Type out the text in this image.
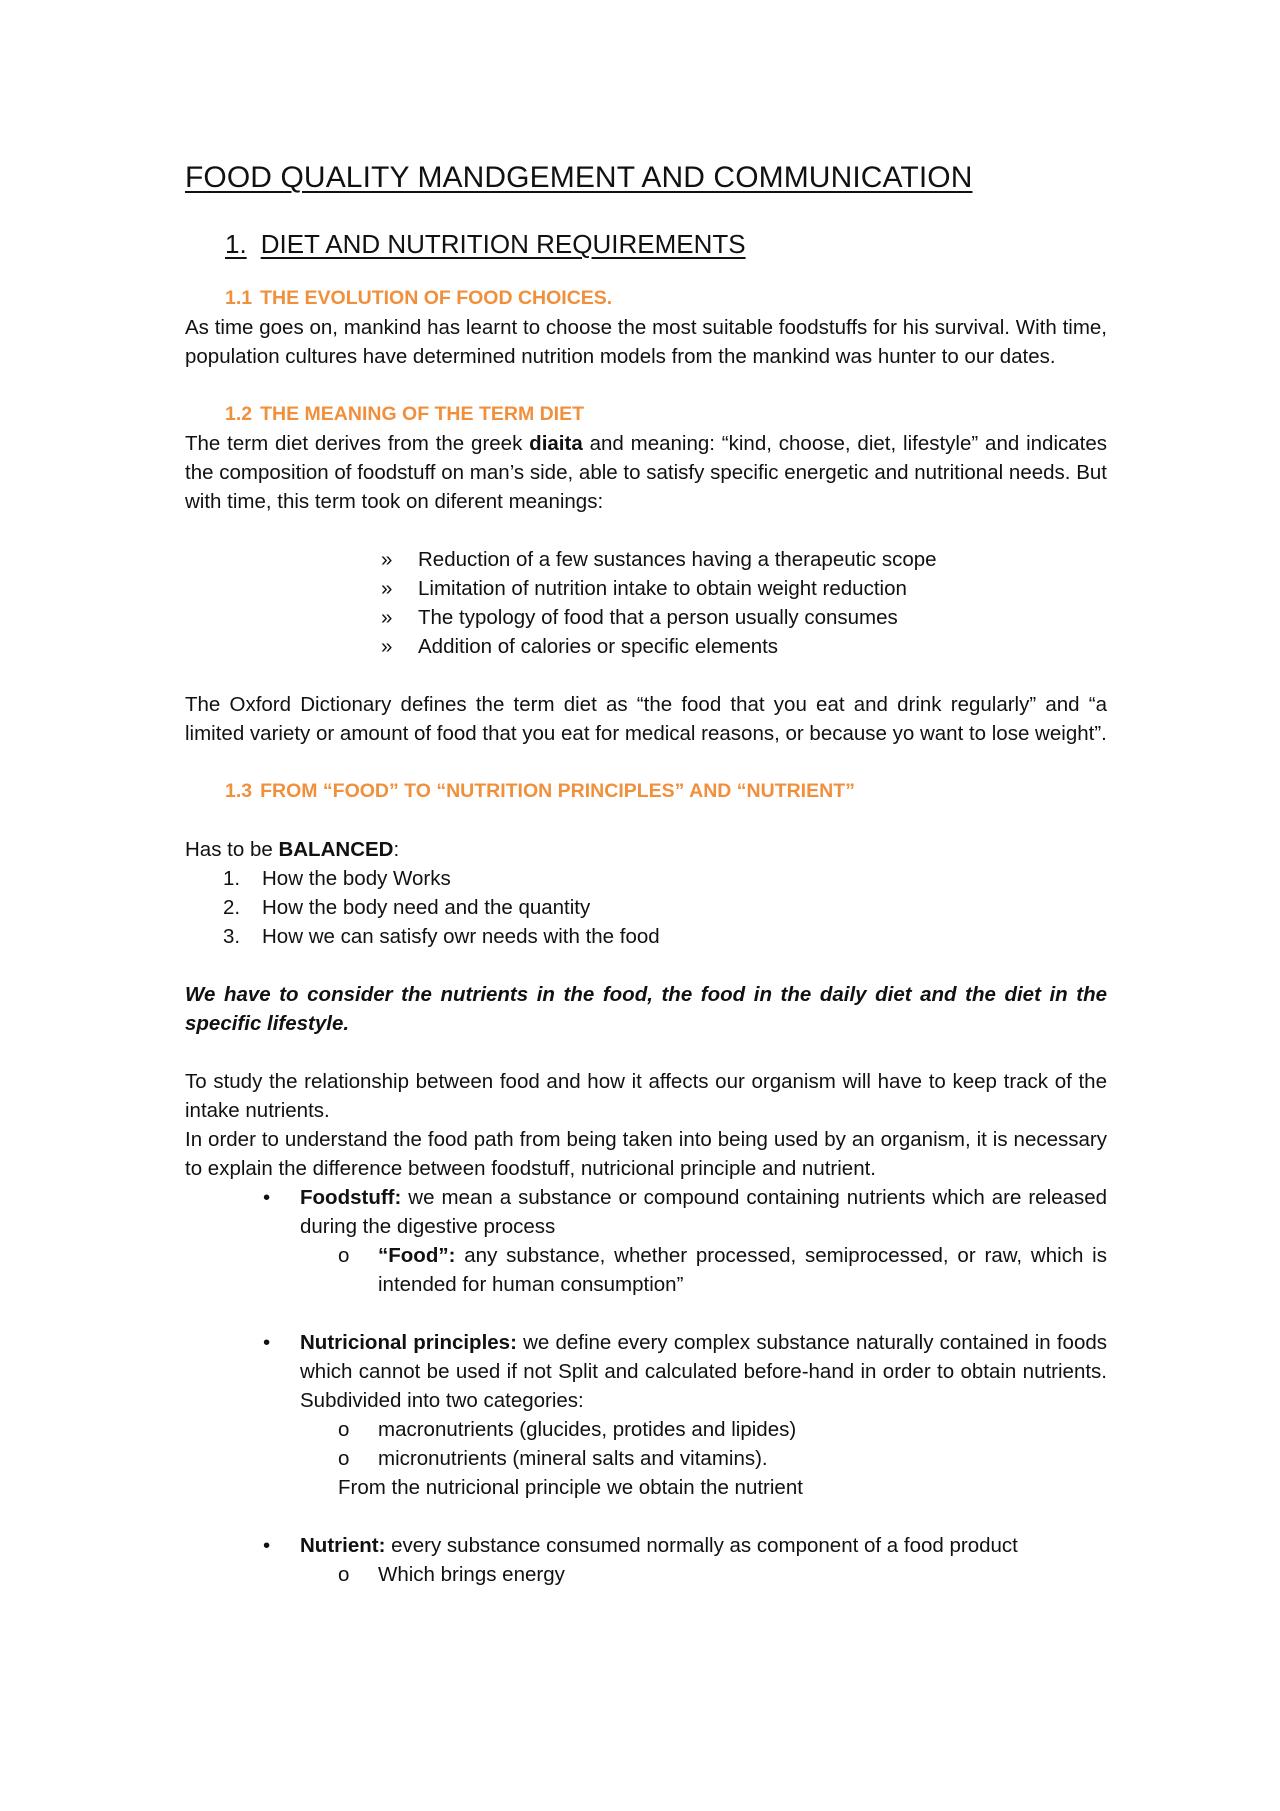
FOOD QUALITY MANDGEMENT AND COMMUNICATION
1. DIET AND NUTRITION REQUIREMENTS
1.1 THE EVOLUTION OF FOOD CHOICES.

As time goes on, mankind has learnt to choose the most suitable foodstuffs for his survival. With time, population cultures have determined nutrition models from the mankind was hunter to our dates.

1.2 THE MEANING OF THE TERM DIET

The term diet derives from the greek diaita and meaning: “kind, choose, diet, lifestyle” and indicates the composition of foodstuff on man’s side, able to satisfy specific energetic and nutritional needs. But with time, this term took on diferent meanings:

» Reduction of a few sustances having a therapeutic scope
» Limitation of nutrition intake to obtain weight reduction
» The typology of food that a person usually consumes
» Addition of calories or specific elements

The Oxford Dictionary defines the term diet as “the food that you eat and drink regularly” and “a limited variety or amount of food that you eat for medical reasons, or because yo want to lose weight”.

1.3 FROM “FOOD” TO “NUTRITION PRINCIPLES” AND “NUTRIENT”

Has to be BALANCED:

1. How the body Works
2. How the body need and the quantity
3. How we can satisfy owr needs with the food

We have to consider the nutrients in the food, the food in the daily diet and the diet in the specific lifestyle.

To study the relationship between food and how it affects our organism will have to keep track of the intake nutrients.

In order to understand the food path from being taken into being used by an organism, it is necessary to explain the difference between foodstuff, nutricional principle and nutrient.

• Foodstuff: we mean a substance or compound containing nutrients which are released during the digestive process
o “Food”: any substance, whether processed, semiprocessed, or raw, which is intended for human consumption”
• Nutricional principles: we define every complex substance naturally contained in foods which cannot be used if not Split and calculated before-hand in order to obtain nutrients. Subdivided into two categories:
o macronutrients (glucides, protides and lipides)
o micronutrients (mineral salts and vitamins).
From the nutricional principle we obtain the nutrient
• Nutrient: every substance consumed normally as component of a food product
o Which brings energy
